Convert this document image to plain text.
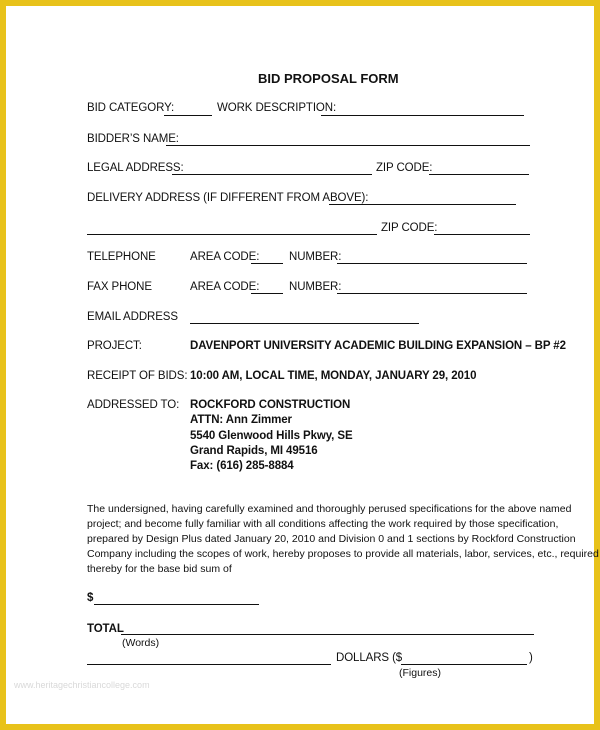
BID PROPOSAL FORM
BID CATEGORY:	WORK DESCRIPTION:
BIDDER’S NAME:
LEGAL ADDRESS:	ZIP CODE:
DELIVERY ADDRESS (IF DIFFERENT FROM ABOVE):
ZIP CODE:
TELEPHONE	AREA CODE:	NUMBER:
FAX PHONE	AREA CODE:	NUMBER:
EMAIL ADDRESS
PROJECT:	DAVENPORT UNIVERSITY ACADEMIC BUILDING EXPANSION – BP #2
RECEIPT OF BIDS: 10:00 AM, LOCAL TIME, MONDAY, JANUARY 29, 2010
ADDRESSED TO: ROCKFORD CONSTRUCTION
ATTN: Ann Zimmer
5540 Glenwood Hills Pkwy, SE
Grand Rapids, MI 49516
Fax: (616) 285-8884
The undersigned, having carefully examined and thoroughly perused specifications for the above named
project; and become fully familiar with all conditions affecting the work required by those specification,
prepared by Design Plus dated January 20, 2010 and Division 0 and 1 sections by Rockford Construction
Company including the scopes of work, hereby proposes to provide all materials, labor, services, etc., required
thereby for the base bid sum of
$
TOTAL
(Words)
DOLLARS ($	)
(Figures)
www.heritagechristiancollege.com
